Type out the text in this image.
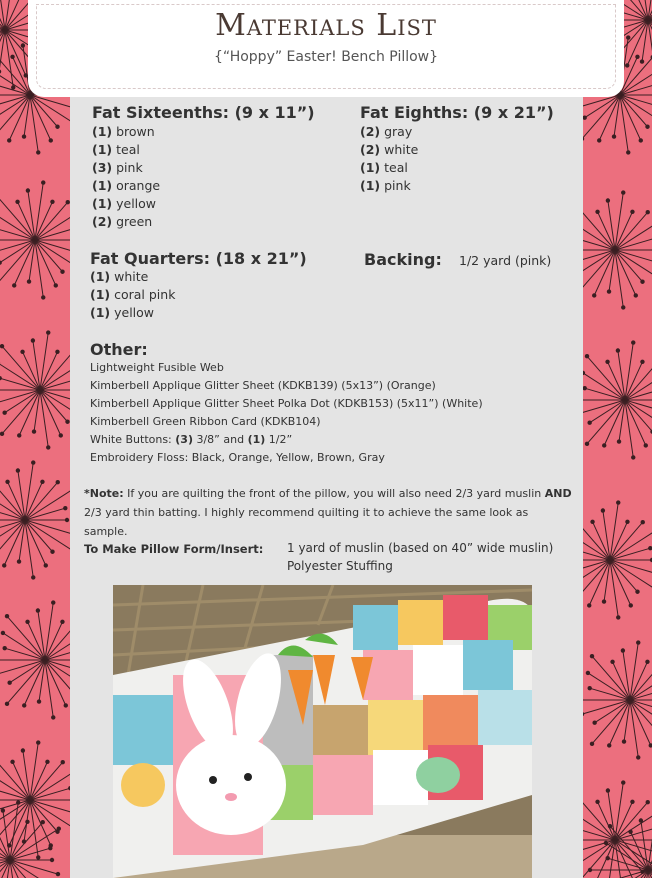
Materials List
{“Hoppy” Easter! Bench Pillow}
Fat Sixteenths: (9 x 11”)
(1) brown
(1) teal
(3) pink
(1) orange
(1) yellow
(2) green
Fat Eighths: (9 x 21”)
(2) gray
(2) white
(1) teal
(1) pink
Fat Quarters: (18 x 21”)
(1) white
(1) coral pink
(1) yellow
Backing: 1/2 yard (pink)
Other:
Lightweight Fusible Web
Kimberbell Applique Glitter Sheet (KDKB139) (5x13”) (Orange)
Kimberbell Applique Glitter Sheet Polka Dot (KDKB153) (5x11”) (White)
Kimberbell Green Ribbon Card (KDKB104)
White Buttons: (3) 3/8” and (1) 1/2”
Embroidery Floss: Black, Orange, Yellow, Brown, Gray
*Note: If you are quilting the front of the pillow, you will also need 2/3 yard muslin AND
2/3 yard thin batting. I highly recommend quilting it to achieve the same look as sample.
To Make Pillow Form/Insert: 1 yard of muslin (based on 40” wide muslin)
Polyester Stuffing
